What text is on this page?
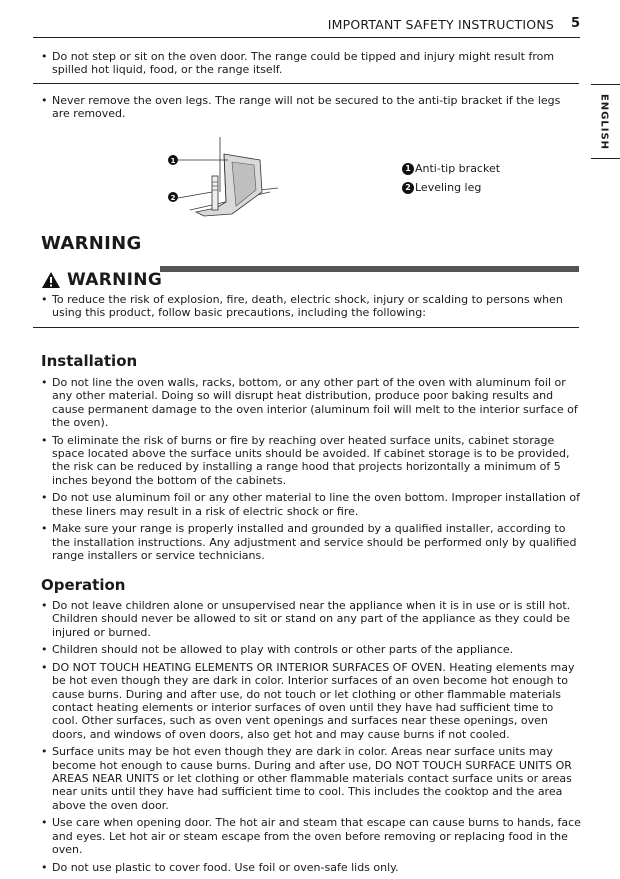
IMPORTANT SAFETY INSTRUCTIONS 5
ENGLISH
• Do not step or sit on the oven door. The range could be tipped and injury might result from spilled hot liquid, food, or the range itself.
• Never remove the oven legs. The range will not be secured to the anti-tip bracket if the legs are removed.
1
2
1 Anti-tip bracket
2 Leveling leg
WARNING
WARNING
• To reduce the risk of explosion, fire, death, electric shock, injury or scalding to persons when using this product, follow basic precautions, including the following:
Installation
• Do not line the oven walls, racks, bottom, or any other part of the oven with aluminum foil or any other material. Doing so will disrupt heat distribution, produce poor baking results and cause permanent damage to the oven interior (aluminum foil will melt to the interior surface of the oven).
• To eliminate the risk of burns or fire by reaching over heated surface units, cabinet storage space located above the surface units should be avoided. If cabinet storage is to be provided, the risk can be reduced by installing a range hood that projects horizontally a minimum of 5 inches beyond the bottom of the cabinets.
• Do not use aluminum foil or any other material to line the oven bottom. Improper installation of these liners may result in a risk of electric shock or fire.
• Make sure your range is properly installed and grounded by a qualified installer, according to the installation instructions. Any adjustment and service should be performed only by qualified range installers or service technicians.
Operation
• Do not leave children alone or unsupervised near the appliance when it is in use or is still hot. Children should never be allowed to sit or stand on any part of the appliance as they could be injured or burned.
• Children should not be allowed to play with controls or other parts of the appliance.
• DO NOT TOUCH HEATING ELEMENTS OR INTERIOR SURFACES OF OVEN. Heating elements may be hot even though they are dark in color. Interior surfaces of an oven become hot enough to cause burns. During and after use, do not touch or let clothing or other flammable materials contact heating elements or interior surfaces of oven until they have had sufficient time to cool. Other surfaces, such as oven vent openings and surfaces near these openings, oven doors, and windows of oven doors, also get hot and may cause burns if not cooled.
• Surface units may be hot even though they are dark in color. Areas near surface units may become hot enough to cause burns. During and after use, DO NOT TOUCH SURFACE UNITS OR AREAS NEAR UNITS or let clothing or other flammable materials contact surface units or areas near units until they have had sufficient time to cool. This includes the cooktop and the area above the oven door.
• Use care when opening door. The hot air and steam that escape can cause burns to hands, face and eyes. Let hot air or steam escape from the oven before removing or replacing food in the oven.
• Do not use plastic to cover food. Use foil or oven-safe lids only.
